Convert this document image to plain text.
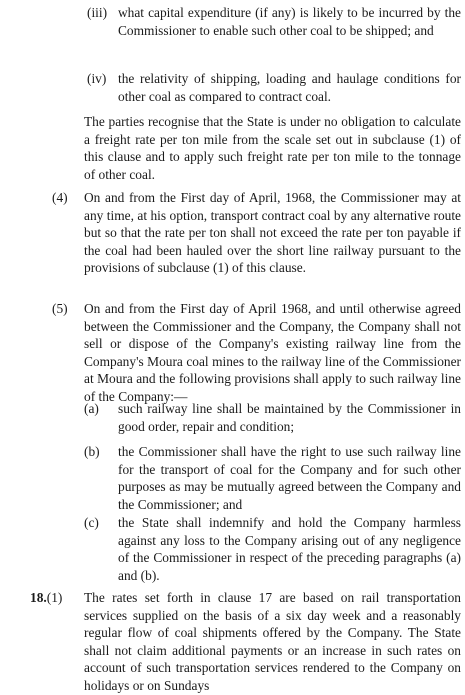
(iii) what capital expenditure (if any) is likely to be incurred by the Commissioner to enable such other coal to be shipped; and
(iv) the relativity of shipping, loading and haulage conditions for other coal as compared to contract coal.
The parties recognise that the State is under no obligation to calculate a freight rate per ton mile from the scale set out in subclause (1) of this clause and to apply such freight rate per ton mile to the tonnage of other coal.
(4) On and from the First day of April, 1968, the Commissioner may at any time, at his option, transport contract coal by any alternative route but so that the rate per ton shall not exceed the rate per ton payable if the coal had been hauled over the short line railway pursuant to the provisions of subclause (1) of this clause.
(5) On and from the First day of April 1968, and until otherwise agreed between the Commissioner and the Company, the Company shall not sell or dispose of the Company's existing railway line from the Company's Moura coal mines to the railway line of the Commissioner at Moura and the following provisions shall apply to such railway line of the Company:—
(a) such railway line shall be maintained by the Commissioner in good order, repair and condition;
(b) the Commissioner shall have the right to use such railway line for the transport of coal for the Company and for such other purposes as may be mutually agreed between the Company and the Commissioner; and
(c) the State shall indemnify and hold the Company harmless against any loss to the Company arising out of any negligence of the Commissioner in respect of the preceding paragraphs (a) and (b).
18.(1) The rates set forth in clause 17 are based on rail transportation services supplied on the basis of a six day week and a reasonably regular flow of coal shipments offered by the Company. The State shall not claim additional payments or an increase in such rates on account of such transportation services rendered to the Company on holidays or on Sundays
